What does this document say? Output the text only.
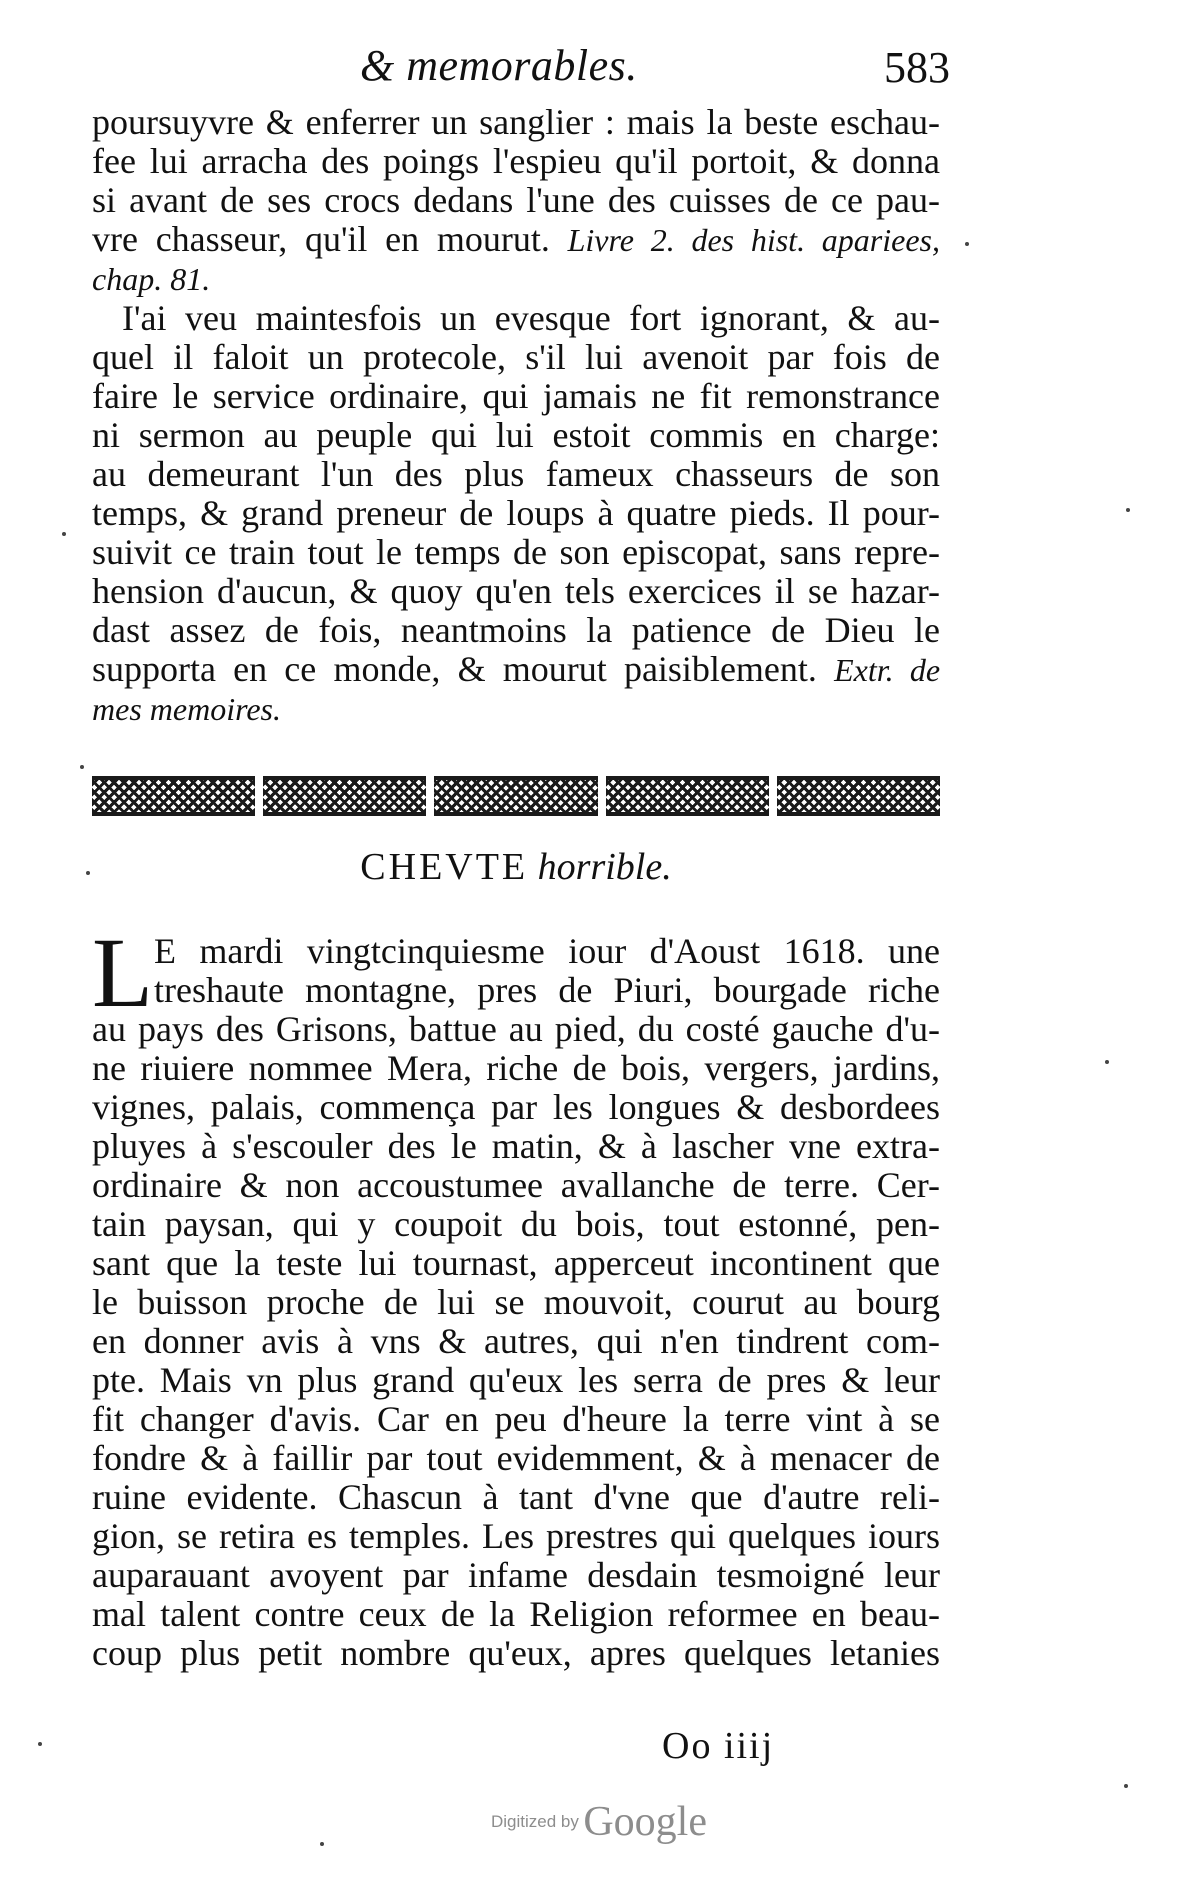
& memorables.	583
poursuyvre & enferrer un sanglier : mais la beste eschau-
fee lui arracha des poings l'espieu qu'il portoit, & donna
si avant de ses crocs dedans l'une des cuisses de ce pau-
vre chasseur, qu'il en mourut. Livre 2. des hist. apariees,
chap. 81.
I'ai veu maintesfois un evesque fort ignorant, & au-
quel il faloit un protecole, s'il lui avenoit par fois de
faire le service ordinaire, qui jamais ne fit remonstrance
ni sermon au peuple qui lui estoit commis en charge:
au demeurant l'un des plus fameux chasseurs de son
temps, & grand preneur de loups à quatre pieds. Il pour-
suivit ce train tout le temps de son episcopat, sans repre-
hension d'aucun, & quoy qu'en tels exercices il se hazar-
dast assez de fois, neantmoins la patience de Dieu le
supporta en ce monde, & mourut paisiblement. Extr. de
mes memoires.
CHEVTE horrible.
L E mardi vingtcinquiesme iour d'Aoust 1618. une
treshaute montagne, pres de Piuri, bourgade riche
au pays des Grisons, battue au pied, du costé gauche d'u-
ne riuiere nommee Mera, riche de bois, vergers, jardins,
vignes, palais, commença par les longues & desbordees
pluyes à s'escouler des le matin, & à lascher vne extra-
ordinaire & non accoustumee avallanche de terre. Cer-
tain paysan, qui y coupoit du bois, tout estonné, pen-
sant que la teste lui tournast, apperceut incontinent que
le buisson proche de lui se mouvoit, courut au bourg
en donner avis à vns & autres, qui n'en tindrent com-
pte. Mais vn plus grand qu'eux les serra de pres & leur
fit changer d'avis. Car en peu d'heure la terre vint à se
fondre & à faillir par tout evidemment, & à menacer de
ruine evidente. Chascun à tant d'vne que d'autre reli-
gion, se retira es temples. Les prestres qui quelques iours
auparauant avoyent par infame desdain tesmoigné leur
mal talent contre ceux de la Religion reformee en beau-
coup plus petit nombre qu'eux, apres quelques letanies
Oo iiij
Digitized by Google
